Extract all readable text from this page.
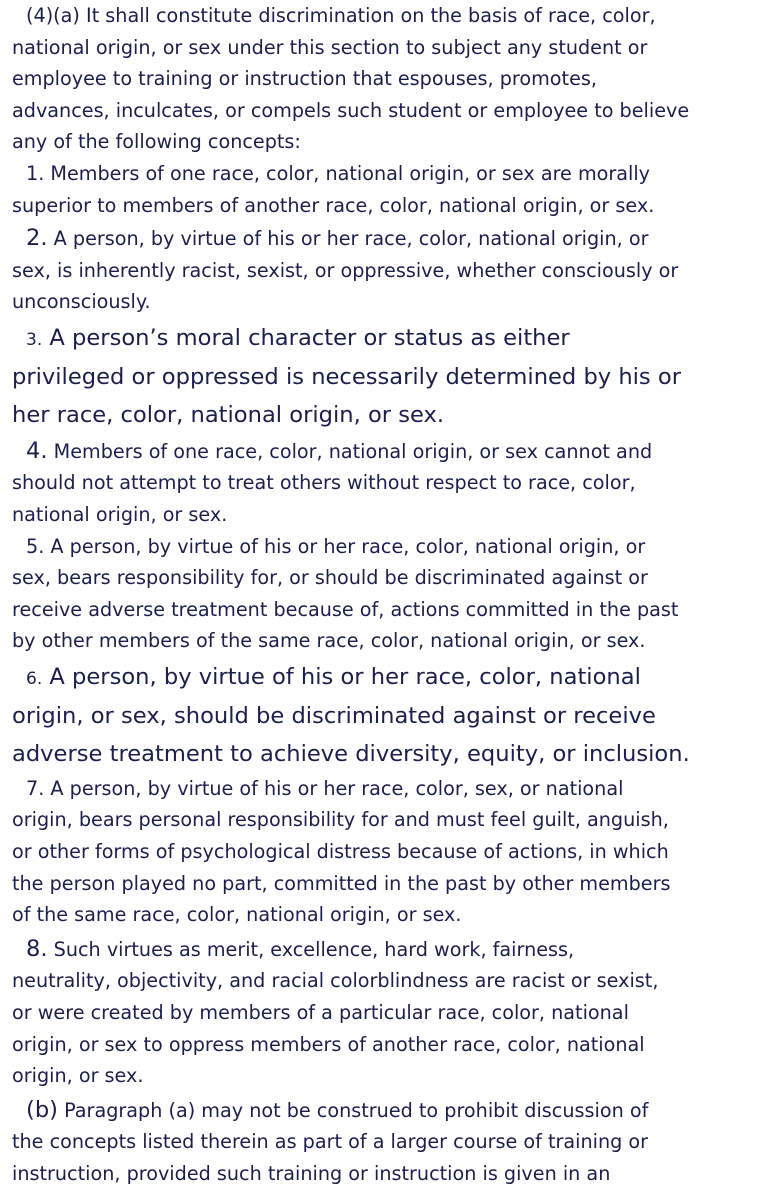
(4)(a) It shall constitute discrimination on the basis of race, color,
national origin, or sex under this section to subject any student or
employee to training or instruction that espouses, promotes,
advances, inculcates, or compels such student or employee to believe
any of the following concepts:

1. Members of one race, color, national origin, or sex are morally
superior to members of another race, color, national origin, or sex.

2. A person, by virtue of his or her race, color, national origin, or
sex, is inherently racist, sexist, or oppressive, whether consciously or
unconsciously.

3. A person’s moral character or status as either
privileged or oppressed is necessarily determined by his or
her race, color, national origin, or sex.

4. Members of one race, color, national origin, or sex cannot and
should not attempt to treat others without respect to race, color,
national origin, or sex.

5. A person, by virtue of his or her race, color, national origin, or
sex, bears responsibility for, or should be discriminated against or
receive adverse treatment because of, actions committed in the past
by other members of the same race, color, national origin, or sex.

6. A person, by virtue of his or her race, color, national
origin, or sex, should be discriminated against or receive
adverse treatment to achieve diversity, equity, or inclusion.

7. A person, by virtue of his or her race, color, sex, or national
origin, bears personal responsibility for and must feel guilt, anguish,
or other forms of psychological distress because of actions, in which
the person played no part, committed in the past by other members
of the same race, color, national origin, or sex.

8. Such virtues as merit, excellence, hard work, fairness,
neutrality, objectivity, and racial colorblindness are racist or sexist,
or were created by members of a particular race, color, national
origin, or sex to oppress members of another race, color, national
origin, or sex.

(b) Paragraph (a) may not be construed to prohibit discussion of
the concepts listed therein as part of a larger course of training or
instruction, provided such training or instruction is given in an
